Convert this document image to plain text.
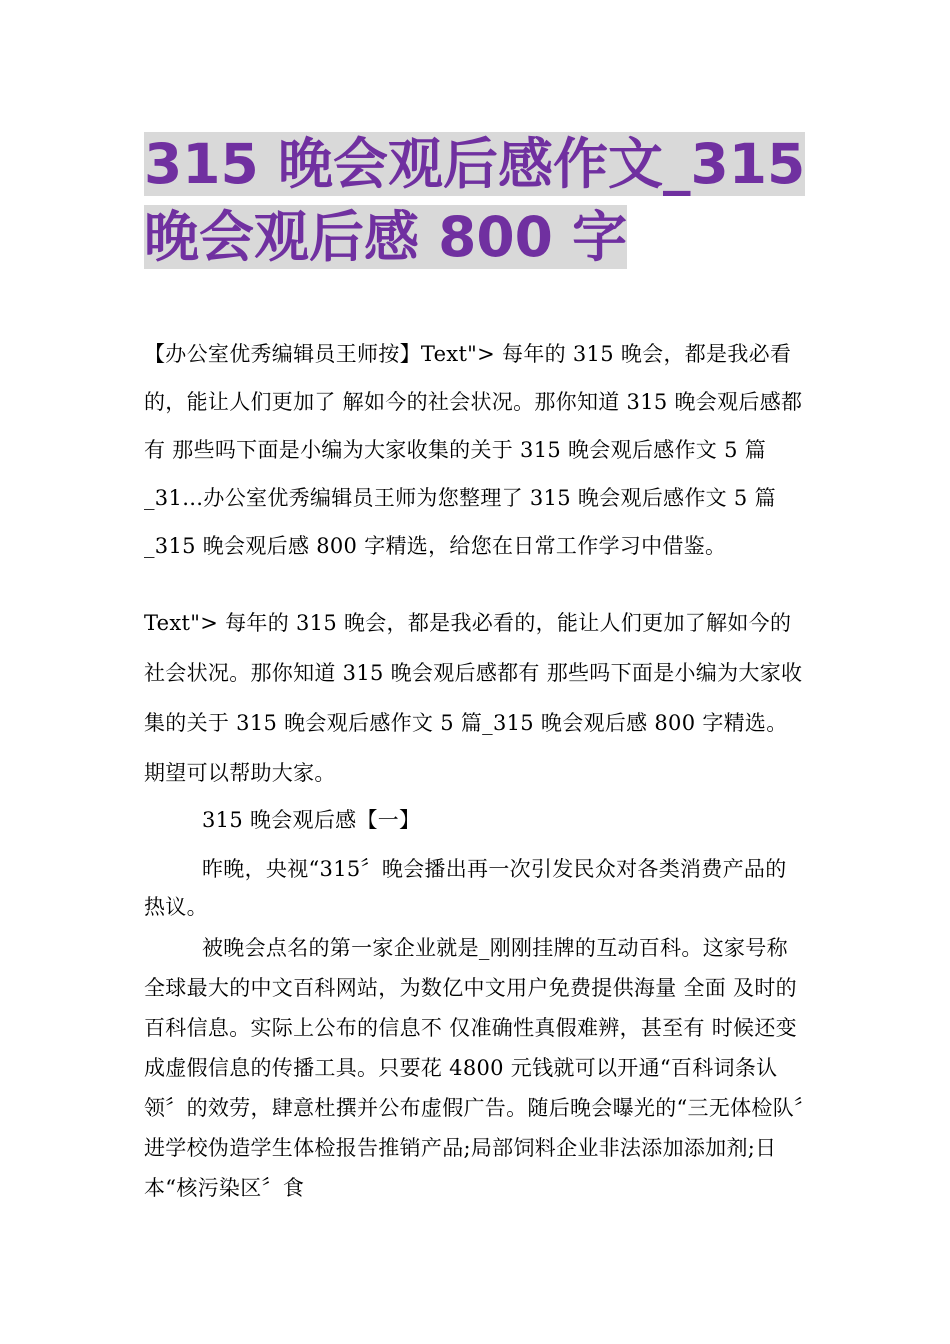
315 晚会观后感作文_315 晚会观后感 800 字

【办公室优秀编辑员王师按】Text"> 每年的 315 晚会，都是我必看的，能让人们更加了 解如今的社会状况。那你知道 315 晚会观后感都有 那些吗下面是小编为大家收集的关于 315 晚会观后感作文 5 篇_31…办公室优秀编辑员王师为您整理了 315 晚会观后感作文 5 篇_315 晚会观后感 800 字精选，给您在日常工作学习中借鉴。

Text"> 每年的 315 晚会，都是我必看的，能让人们更加了解如今的社会状况。那你知道 315 晚会观后感都有 那些吗下面是小编为大家收集的关于 315 晚会观后感作文 5 篇_315 晚会观后感 800 字精选。期望可以帮助大家。

315 晚会观后感【一】

昨晚，央视“315〞晚会播出再一次引发民众对各类消费产品的热议。

被晚会点名的第一家企业就是_刚刚挂牌的互动百科。这家号称全球最大的中文百科网站，为数亿中文用户免费提供海量 全面 及时的百科信息。实际上公布的信息不 仅准确性真假难辨，甚至有 时候还变成虚假信息的传播工具。只要花 4800 元钱就可以开通“百科词条认领〞的效劳，肆意杜撰并公布虚假广告。随后晚会曝光的“三无体检队〞进学校伪造学生体检报告推销产品;局部饲料企业非法添加添加剂;日本“核污染区〞食
